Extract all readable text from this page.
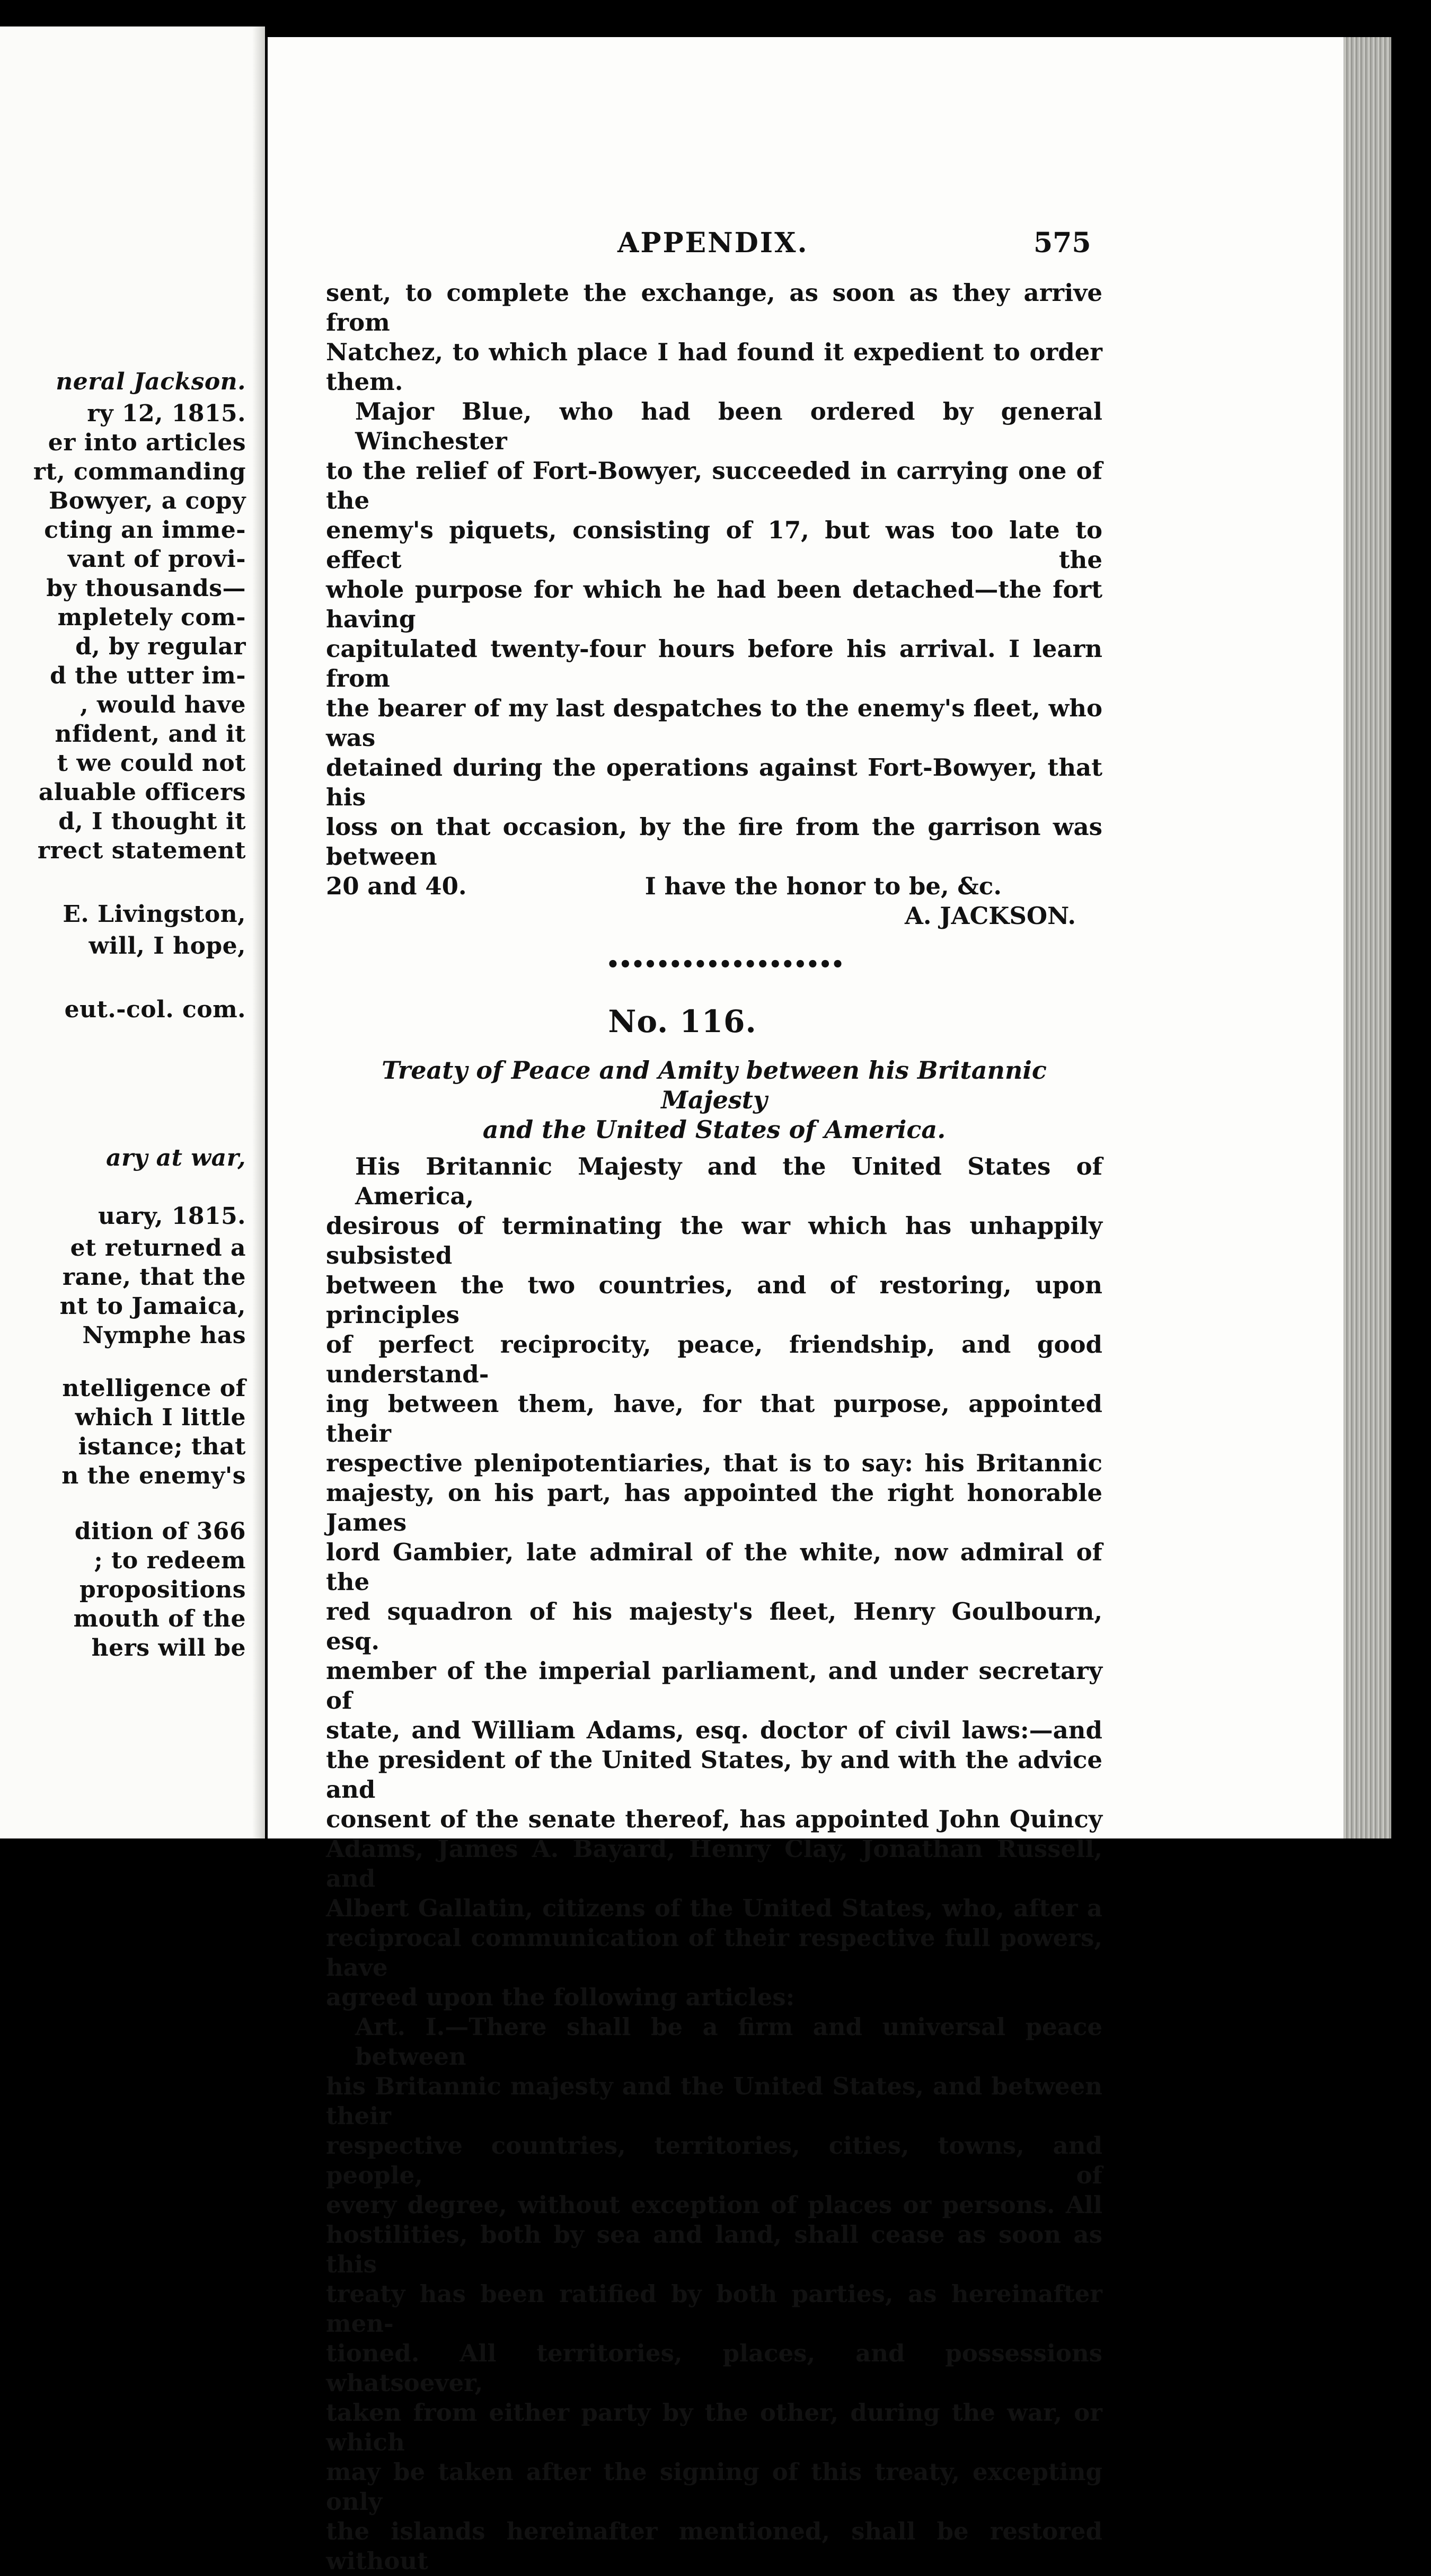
neral Jackson.
ry 12, 1815.
er into articles
rt, commanding
Bowyer, a copy
cting an imme-
vant of provi-
by thousands—
mpletely com-
d, by regular
d the utter im-
, would have
nfident, and it
t we could not
aluable officers
d, I thought it
rrect statement
E. Livingston,
will, I hope,
eut.-col. com.
ary at war,
uary, 1815.
et returned a
rane, that the
nt to Jamaica,
Nymphe has
ntelligence of
which I little
istance; that
n the enemy's
dition of 366
; to redeem
propositions
mouth of the
hers will be
APPENDIX.	575
sent, to complete the exchange, as soon as they arrive from
Natchez, to which place I had found it expedient to order
them.
Major Blue, who had been ordered by general Winchester
to the relief of Fort-Bowyer, succeeded in carrying one of the
enemy's piquets, consisting of 17, but was too late to effect the
whole purpose for which he had been detached—the fort having
capitulated twenty-four hours before his arrival. I learn from
the bearer of my last despatches to the enemy's fleet, who was
detained during the operations against Fort-Bowyer, that his
loss on that occasion, by the fire from the garrison was between
20 and 40.	I have the honor to be, &c.
A. JACKSON.
•••••••••••••••••••
No. 116.
Treaty of Peace and Amity between his Britannic Majesty
and the United States of America.
His Britannic Majesty and the United States of America,
desirous of terminating the war which has unhappily subsisted
between the two countries, and of restoring, upon principles
of perfect reciprocity, peace, friendship, and good understand-
ing between them, have, for that purpose, appointed their
respective plenipotentiaries, that is to say: his Britannic
majesty, on his part, has appointed the right honorable James
lord Gambier, late admiral of the white, now admiral of the
red squadron of his majesty's fleet, Henry Goulbourn, esq.
member of the imperial parliament, and under secretary of
state, and William Adams, esq. doctor of civil laws:—and
the president of the United States, by and with the advice and
consent of the senate thereof, has appointed John Quincy
Adams, James A. Bayard, Henry Clay, Jonathan Russell, and
Albert Gallatin, citizens of the United States, who, after a
reciprocal communication of their respective full powers, have
agreed upon the following articles:
Art. I.—There shall be a firm and universal peace between
his Britannic majesty and the United States, and between their
respective countries, territories, cities, towns, and people, of
every degree, without exception of places or persons. All
hostilities, both by sea and land, shall cease as soon as this
treaty has been ratified by both parties, as hereinafter men-
tioned. All territories, places, and possessions whatsoever,
taken from either party by the other, during the war, or which
may be taken after the signing of this treaty, excepting only
the islands hereinafter mentioned, shall be restored without
